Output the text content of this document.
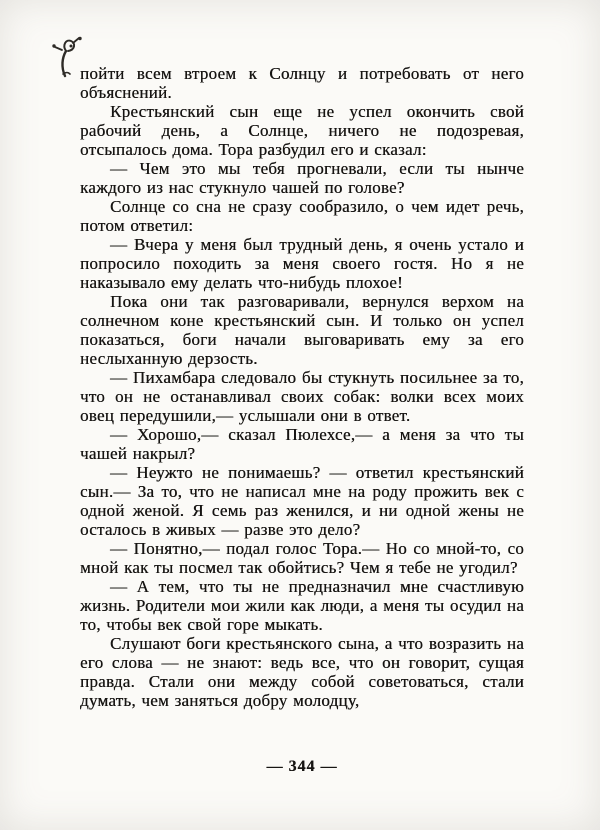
пойти всем втроем к Солнцу и потребовать от него объяснений.

Крестьянский сын еще не успел окончить свой рабочий день, а Солнце, ничего не подозревая, отсыпалось дома. Тора разбудил его и сказал:

— Чем это мы тебя прогневали, если ты нынче каждого из нас стукнуло чашей по голове?

Солнце со сна не сразу сообразило, о чем идет речь, потом ответил:

— Вчера у меня был трудный день, я очень устало и попросило походить за меня своего гостя. Но я не наказывало ему делать что-нибудь плохое!

Пока они так разговаривали, вернулся верхом на солнечном коне крестьянский сын. И только он успел показаться, боги начали выговаривать ему за его неслыханную дерзость.

— Пихамбара следовало бы стукнуть посильнее за то, что он не останавливал своих собак: волки всех моих овец передушили,— услышали они в ответ.

— Хорошо,— сказал Пюлехсе,— а меня за что ты чашей накрыл?

— Неужто не понимаешь? — ответил крестьянский сын.— За то, что не написал мне на роду прожить век с одной женой. Я семь раз женился, и ни одной жены не осталось в живых — разве это дело?

— Понятно,— подал голос Тора.— Но со мной-то, со мной как ты посмел так обойтись? Чем я тебе не угодил?

— А тем, что ты не предназначил мне счастливую жизнь. Родители мои жили как люди, а меня ты осудил на то, чтобы век свой горе мыкать.

Слушают боги крестьянского сына, а что возразить на его слова — не знают: ведь все, что он говорит, сущая правда. Стали они между собой советоваться, стали думать, чем заняться добру молодцу,

— 344 —
